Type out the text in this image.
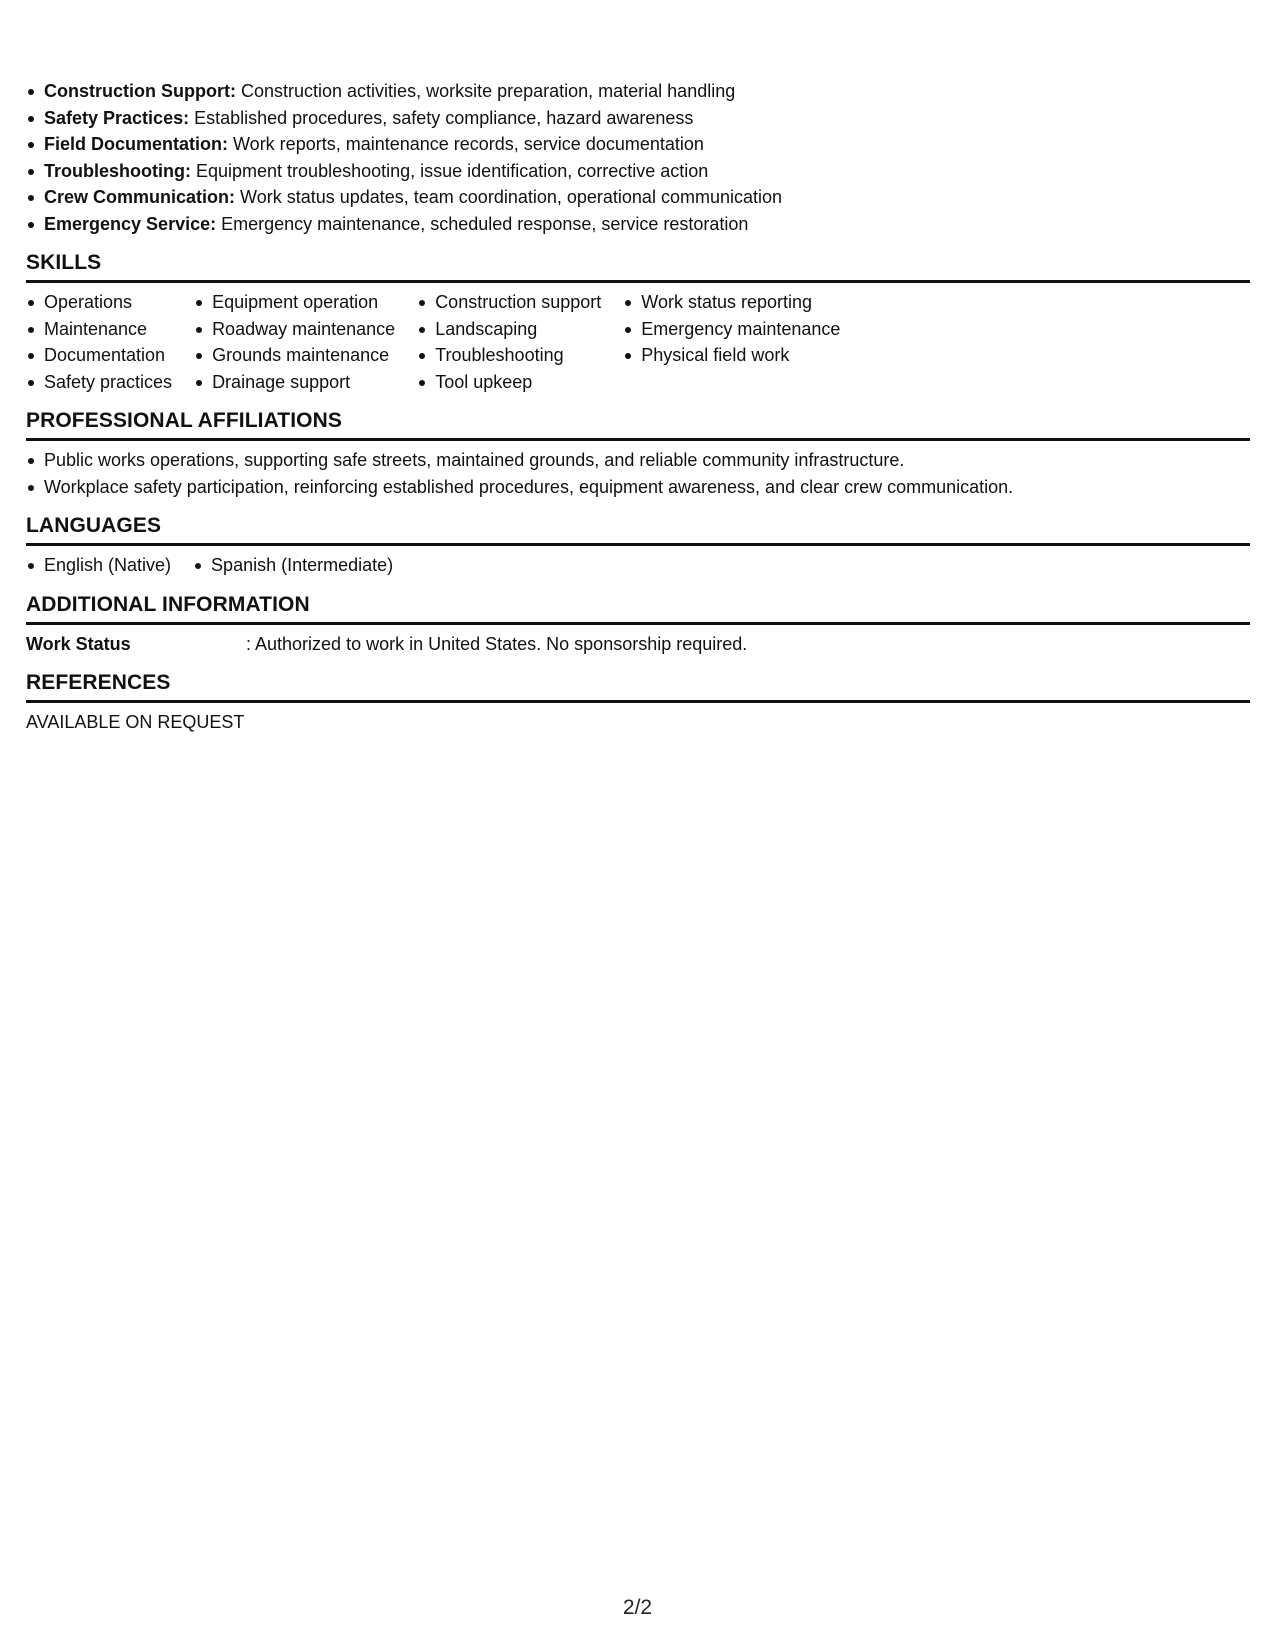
Construction Support: Construction activities, worksite preparation, material handling
Safety Practices: Established procedures, safety compliance, hazard awareness
Field Documentation: Work reports, maintenance records, service documentation
Troubleshooting: Equipment troubleshooting, issue identification, corrective action
Crew Communication: Work status updates, team coordination, operational communication
Emergency Service: Emergency maintenance, scheduled response, service restoration
SKILLS
Operations
Maintenance
Documentation
Safety practices
Equipment operation
Roadway maintenance
Grounds maintenance
Drainage support
Construction support
Landscaping
Troubleshooting
Tool upkeep
Work status reporting
Emergency maintenance
Physical field work
PROFESSIONAL AFFILIATIONS
Public works operations, supporting safe streets, maintained grounds, and reliable community infrastructure.
Workplace safety participation, reinforcing established procedures, equipment awareness, and clear crew communication.
LANGUAGES
English (Native)	Spanish (Intermediate)
ADDITIONAL INFORMATION
Work Status	: Authorized to work in United States. No sponsorship required.
REFERENCES
AVAILABLE ON REQUEST
2/2
